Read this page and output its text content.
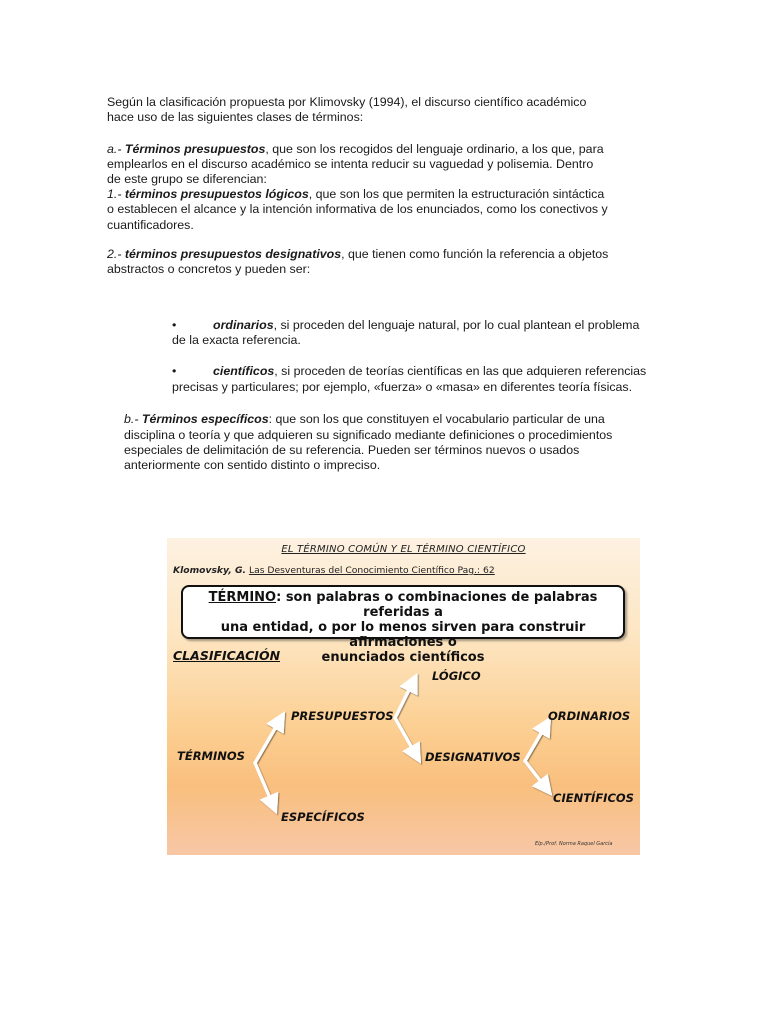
Según la clasificación propuesta por Klimovsky (1994), el discurso científico académico

hace uso de las siguientes clases de términos:

a.- Términos presupuestos, que son los recogidos del lenguaje ordinario, a los que, para

emplearlos en el discurso académico se intenta reducir su vaguedad y polisemia. Dentro

de este grupo se diferencian:

1.- términos presupuestos lógicos, que son los que permiten la estructuración sintáctica

o establecen el alcance y la intención informativa de los enunciados, como los conectivos y

cuantificadores.

2.- términos presupuestos designativos, que tienen como función la referencia a objetos

abstractos o concretos y pueden ser:

•	ordinarios, si proceden del lenguaje natural, por lo cual plantean el problema

de la exacta referencia.

•	científicos, si proceden de teorías científicas en las que adquieren referencias

precisas y particulares; por ejemplo, «fuerza» o «masa» en diferentes teoría físicas.

b.- Términos específicos: que son los que constituyen el vocabulario particular de una

disciplina o teoría y que adquieren su significado mediante definiciones o procedimientos

especiales de delimitación de su referencia. Pueden ser términos nuevos o usados

anteriormente con sentido distinto o impreciso.

EL TÉRMINO COMÚN Y EL TÉRMINO CIENTÍFICO
Klomovsky, G. Las Desventuras del Conocimiento Científico Pag.: 62
TÉRMINO: son palabras o combinaciones de palabras referidas a
una entidad, o por lo menos sirven para construir afirmaciones o
enunciados científicos
CLASIFICACIÓN
TÉRMINOS
PRESUPUESTOS
ESPECÍFICOS
LÓGICO
DESIGNATIVOS
ORDINARIOS
CIENTÍFICOS
Elp./Prof. Norma Raquel García
